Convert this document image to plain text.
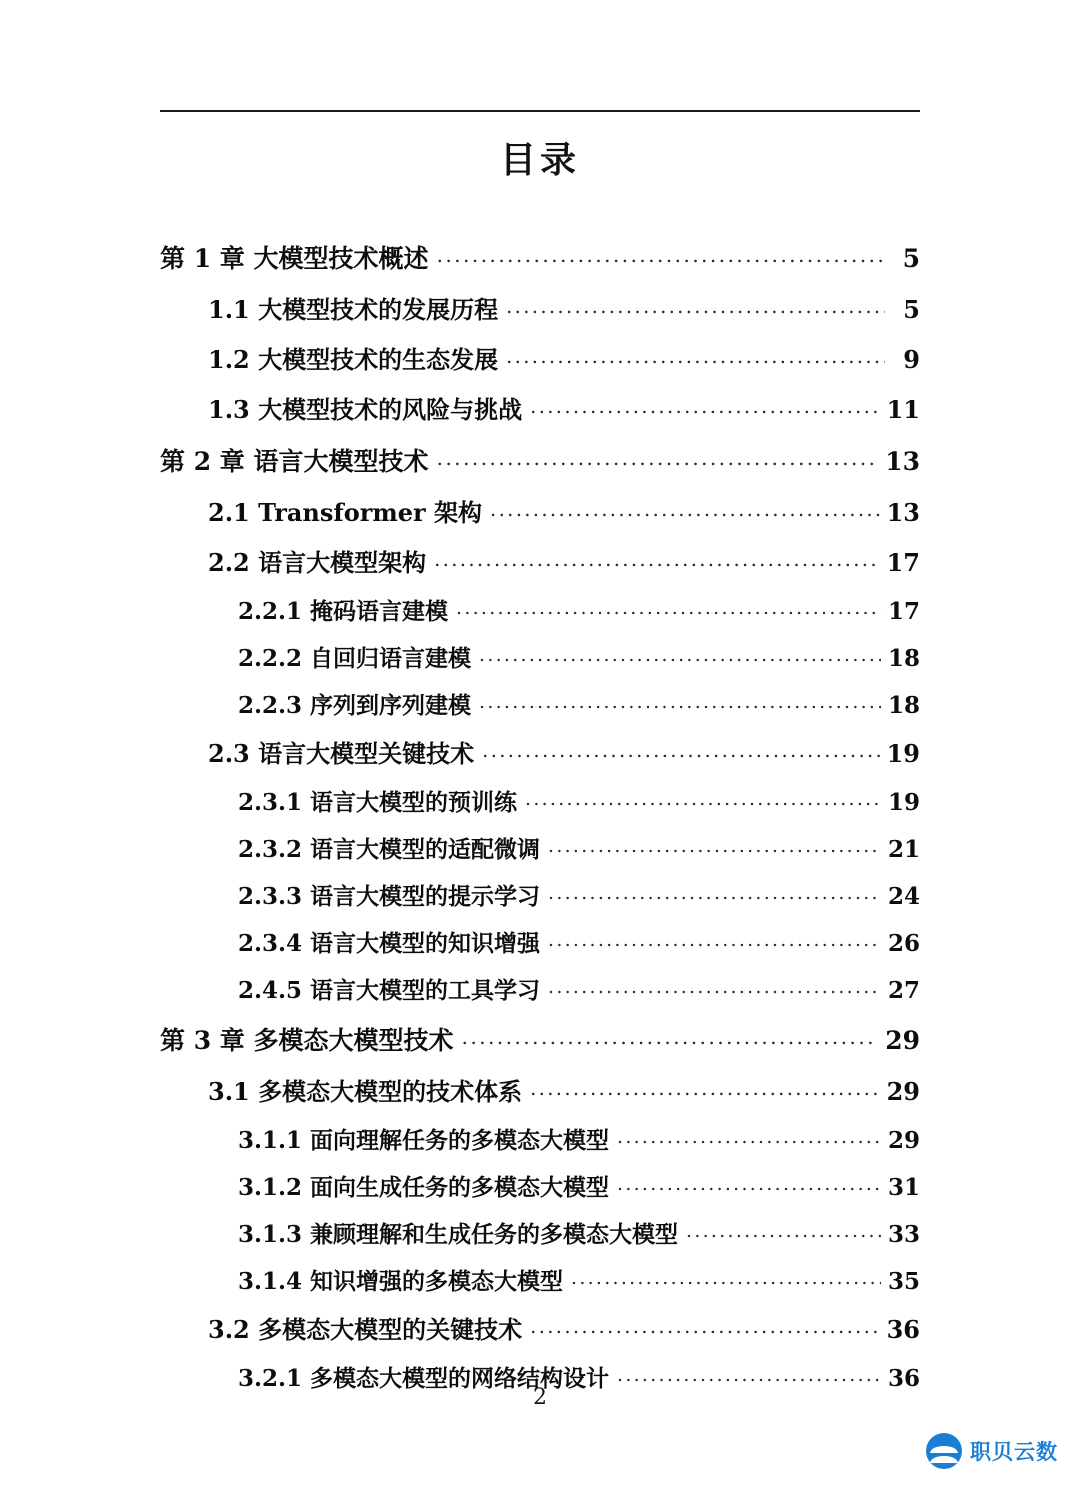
目录
第 1 章 大模型技术概述 .....	5
1.1 大模型技术的发展历程 .....	5
1.2 大模型技术的生态发展 .....	9
1.3 大模型技术的风险与挑战 .....	11
第 2 章 语言大模型技术 .....	13
2.1 Transformer 架构 .....	13
2.2 语言大模型架构 .....	17
2.2.1 掩码语言建模 .....	17
2.2.2 自回归语言建模 .....	18
2.2.3 序列到序列建模 .....	18
2.3 语言大模型关键技术 .....	19
2.3.1 语言大模型的预训练 .....	19
2.3.2 语言大模型的适配微调 .....	21
2.3.3 语言大模型的提示学习 .....	24
2.3.4 语言大模型的知识增强 .....	26
2.4.5 语言大模型的工具学习 .....	27
第 3 章 多模态大模型技术 .....	29
3.1 多模态大模型的技术体系 .....	29
3.1.1 面向理解任务的多模态大模型 .....	29
3.1.2 面向生成任务的多模态大模型 .....	31
3.1.3 兼顾理解和生成任务的多模态大模型 .....	33
3.1.4 知识增强的多模态大模型 .....	35
3.2 多模态大模型的关键技术 .....	36
3.2.1 多模态大模型的网络结构设计 .....	36
2
职贝云数
